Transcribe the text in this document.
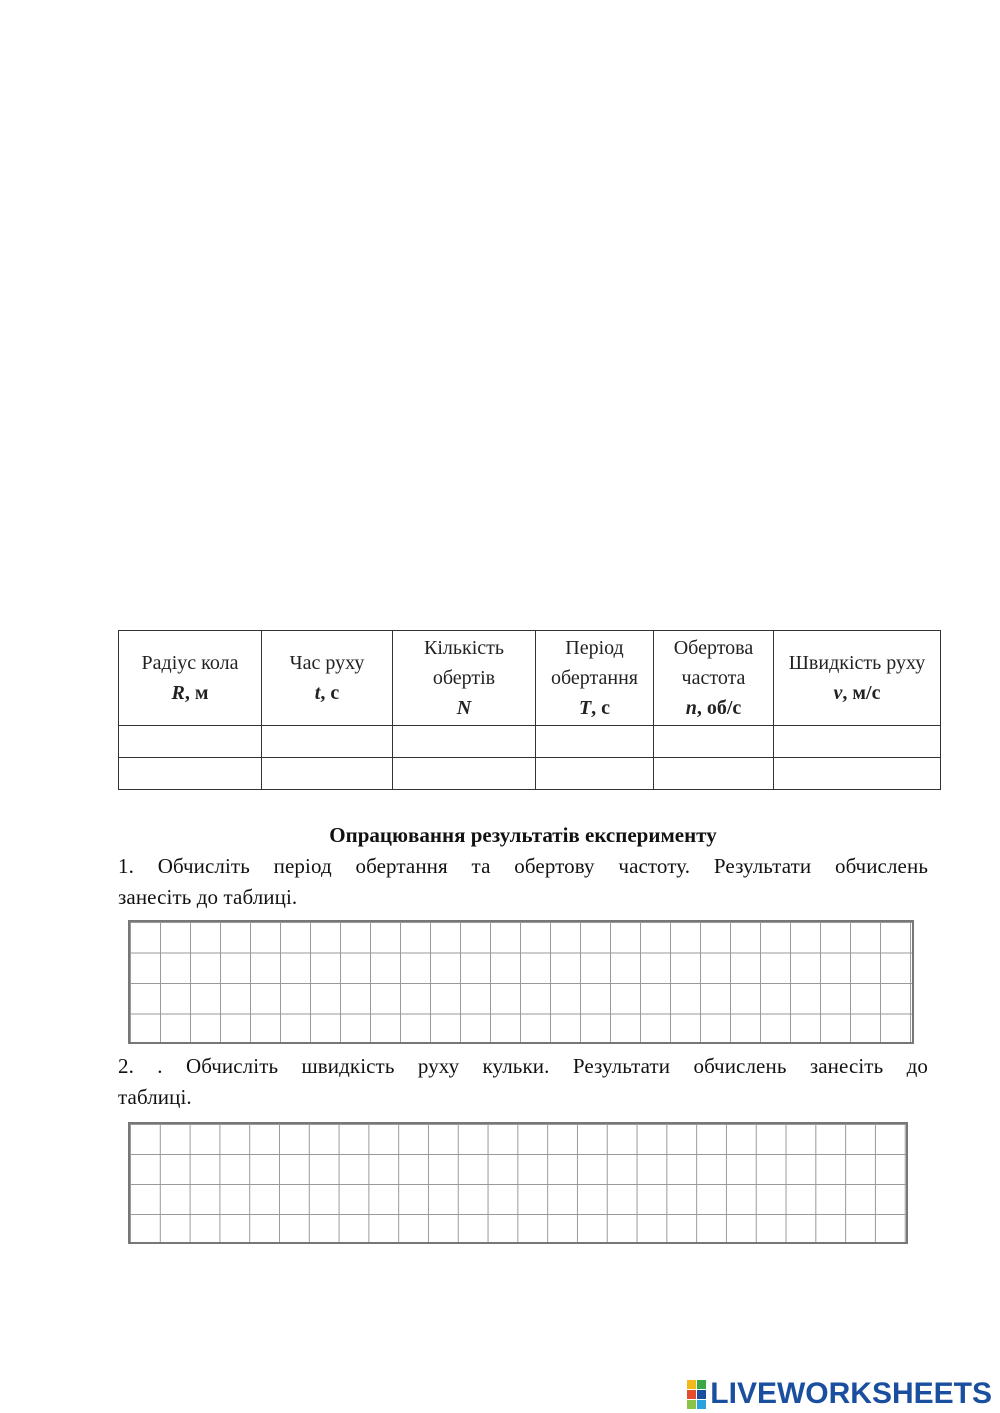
Радіус кола
R, м	Час руху
t, с	Кількість
обертів
N	Період
обертання
T, с	Обертова
частота
n, об/с	Швидкість руху
v, м/с

Опрацювання результатів експерименту
1. Обчисліть період обертання та обертову частоту. Результати обчислень
занесіть до таблиці.
2. . Обчисліть швидкість руху кульки. Результати обчислень занесіть до
таблиці.
LIVEWORKSHEETS
